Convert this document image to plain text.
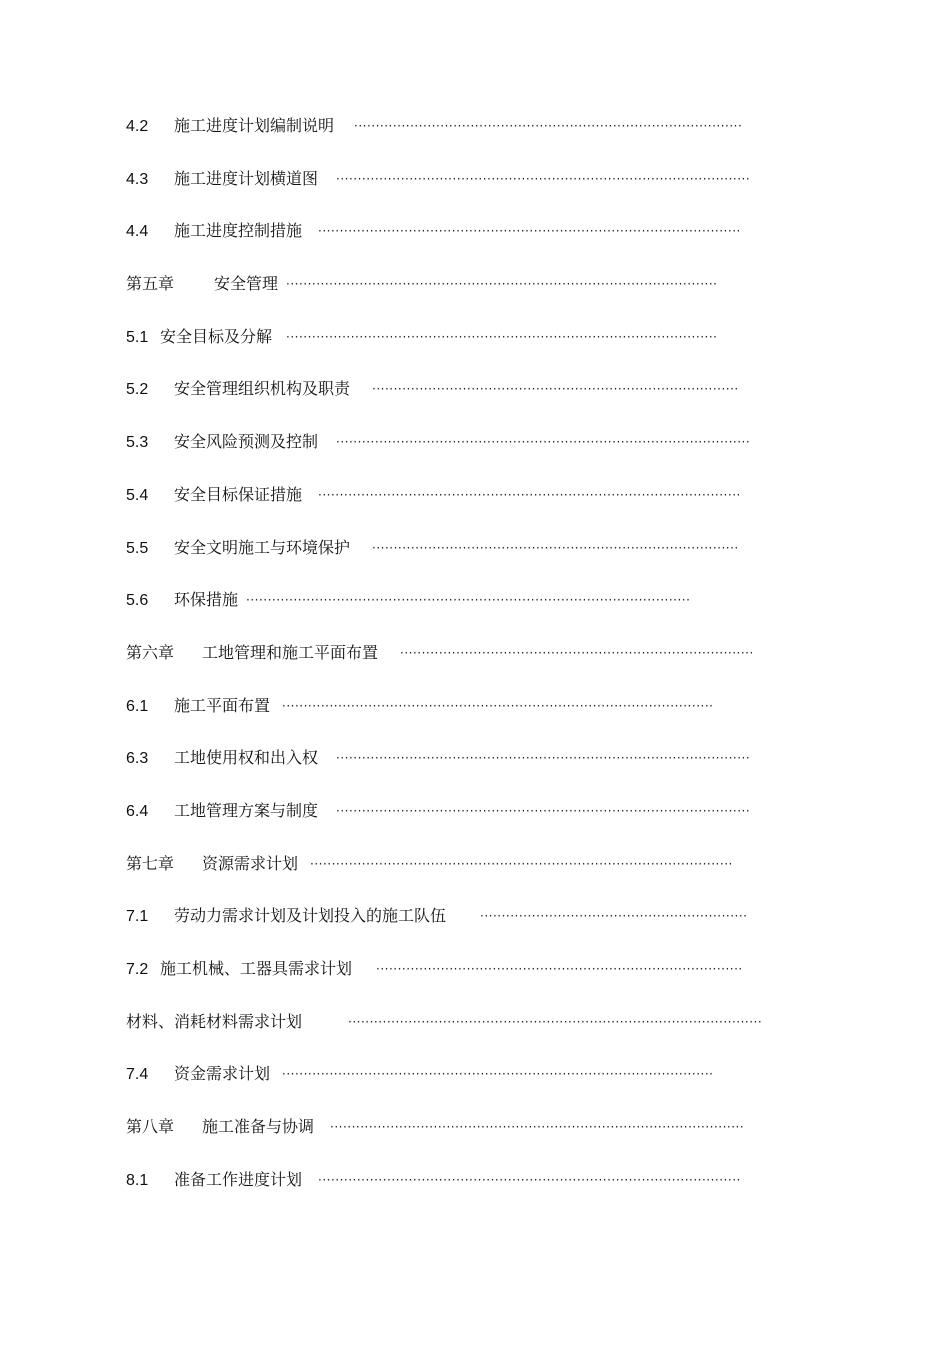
4.2 施工进度计划编制说明 ··························································································
4.3 施工进度计划横道图 ································································································
4.4 施工进度控制措施 ··································································································
第五章 安全管理 ····································································································
5.1 安全目标及分解 ····································································································
5.2 安全管理组织机构及职责 ·····················································································
5.3 安全风险预测及控制 ································································································
5.4 安全目标保证措施 ··································································································
5.5 安全文明施工与环境保护 ·····················································································
5.6 环保措施 ·······································································································
第六章 工地管理和施工平面布置 ··················································································
6.1 施工平面布置 ····································································································
6.3 工地使用权和出入权 ································································································
6.4 工地管理方案与制度 ································································································
第七章 资源需求计划 ··································································································
7.1 劳动力需求计划及计划投入的施工队伍	······························································
7.2 施工机械、工器具需求计划 ·····················································································
材料、消耗材料需求计划	································································································
7.4 资金需求计划 ····································································································
第八章 施工准备与协调 ································································································
8.1 准备工作进度计划 ··································································································
